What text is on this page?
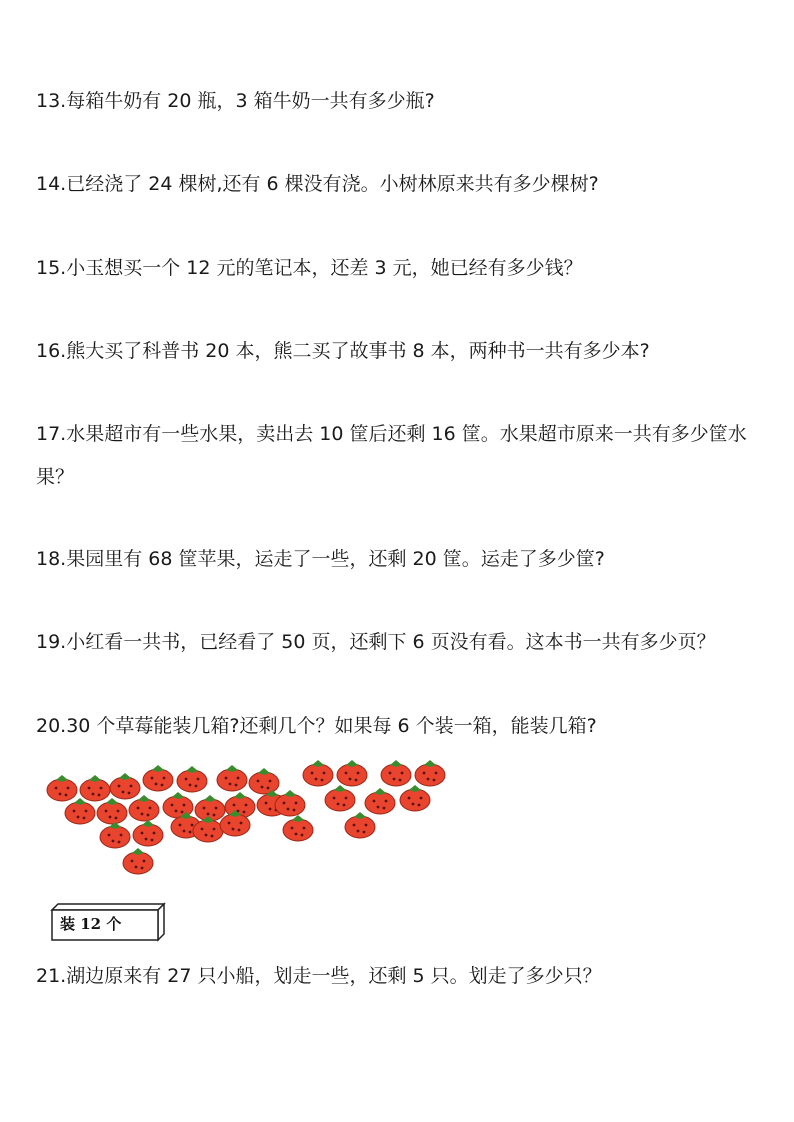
13.每箱牛奶有 20 瓶，3 箱牛奶一共有多少瓶?

14.已经浇了 24 棵树,还有 6 棵没有浇。小树林原来共有多少棵树?

15.小玉想买一个 12 元的笔记本，还差 3 元，她已经有多少钱？

16.熊大买了科普书 20 本，熊二买了故事书 8 本，两种书一共有多少本?

17.水果超市有一些水果，卖出去 10 筐后还剩 16 筐。水果超市原来一共有多少筐水果？

18.果园里有 68 筐苹果，运走了一些，还剩 20 筐。运走了多少筐?

19.小红看一共书，已经看了 50 页，还剩下 6 页没有看。这本书一共有多少页？

20.30 个草莓能装几箱?还剩几个？如果每 6 个装一箱，能装几箱?

装 12 个

21.湖边原来有 27 只小船，划走一些，还剩 5 只。划走了多少只？
